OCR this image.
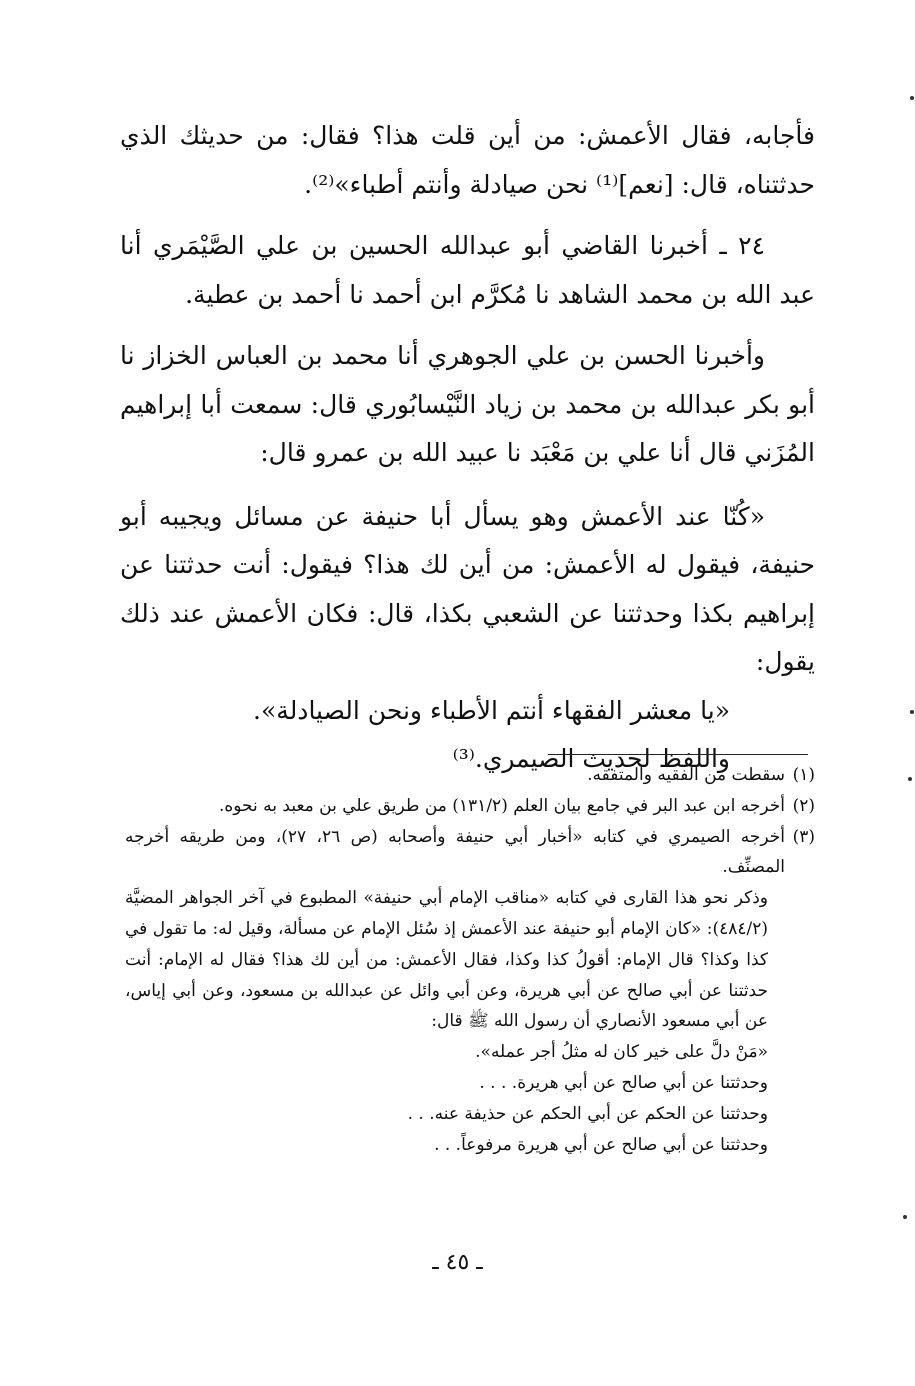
فأجابه، فقال الأعمش: من أين قلت هذا؟ فقال: من حديثك الذي حدثتناه، قال: [نعم]⁽¹⁾ نحن صيادلة وأنتم أطباء»⁽²⁾.

٢٤ ـ أخبرنا القاضي أبو عبدالله الحسين بن علي الصَّيْمَري أنا عبد الله بن محمد الشاهد نا مُكرَّم ابن أحمد نا أحمد بن عطية.

وأخبرنا الحسن بن علي الجوهري أنا محمد بن العباس الخزاز نا أبو بكر عبدالله بن محمد بن زياد النَّيْسابُوري قال: سمعت أبا إبراهيم المُزَني قال أنا علي بن مَعْبَد نا عبيد الله بن عمرو قال:

«كُنّا عند الأعمش وهو يسأل أبا حنيفة عن مسائل ويجيبه أبو حنيفة، فيقول له الأعمش: من أين لك هذا؟ فيقول: أنت حدثتنا عن إبراهيم بكذا وحدثتنا عن الشعبي بكذا، قال: فكان الأعمش عند ذلك يقول:

«يا معشر الفقهاء أنتم الأطباء ونحن الصيادلة».

واللفظ لحديث الصيمري.⁽³⁾

(١)
سقطت من الفقيه والمتفقه.
(٢)
أخرجه ابن عبد البر في جامع بيان العلم (١٣١/٢) من طريق علي بن معبد به نحوه.
(٣)
أخرجه الصيمري في كتابه «أخبار أبي حنيفة وأصحابه (ص ٢٦، ٢٧)، ومن طريقه أخرجه المصنِّف.
وذكر نحو هذا القارى في كتابه «مناقب الإمام أبي حنيفة» المطبوع في آخر الجواهر المضيَّة (٤٨٤/٢): «كان الإمام أبو حنيفة عند الأعمش إذ سُئل الإمام عن مسألة، وقيل له: ما تقول في كذا وكذا؟ قال الإمام: أقولُ كذا وكذا، فقال الأعمش: من أين لك هذا؟ فقال له الإمام: أنت حدثتنا عن أبي صالح عن أبي هريرة، وعن أبي وائل عن عبدالله بن مسعود، وعن أبي إياس، عن أبي مسعود الأنصاري أن رسول الله ﷺ قال:
«مَنْ دلَّ على خير كان له مثلُ أجر عمله».
وحدثتنا عن أبي صالح عن أبي هريرة. . . .
وحدثتنا عن الحكم عن أبي الحكم عن حذيفة عنه. . .
وحدثتنا عن أبي صالح عن أبي هريرة مرفوعاً. . .
ـ ٤٥ ـ
